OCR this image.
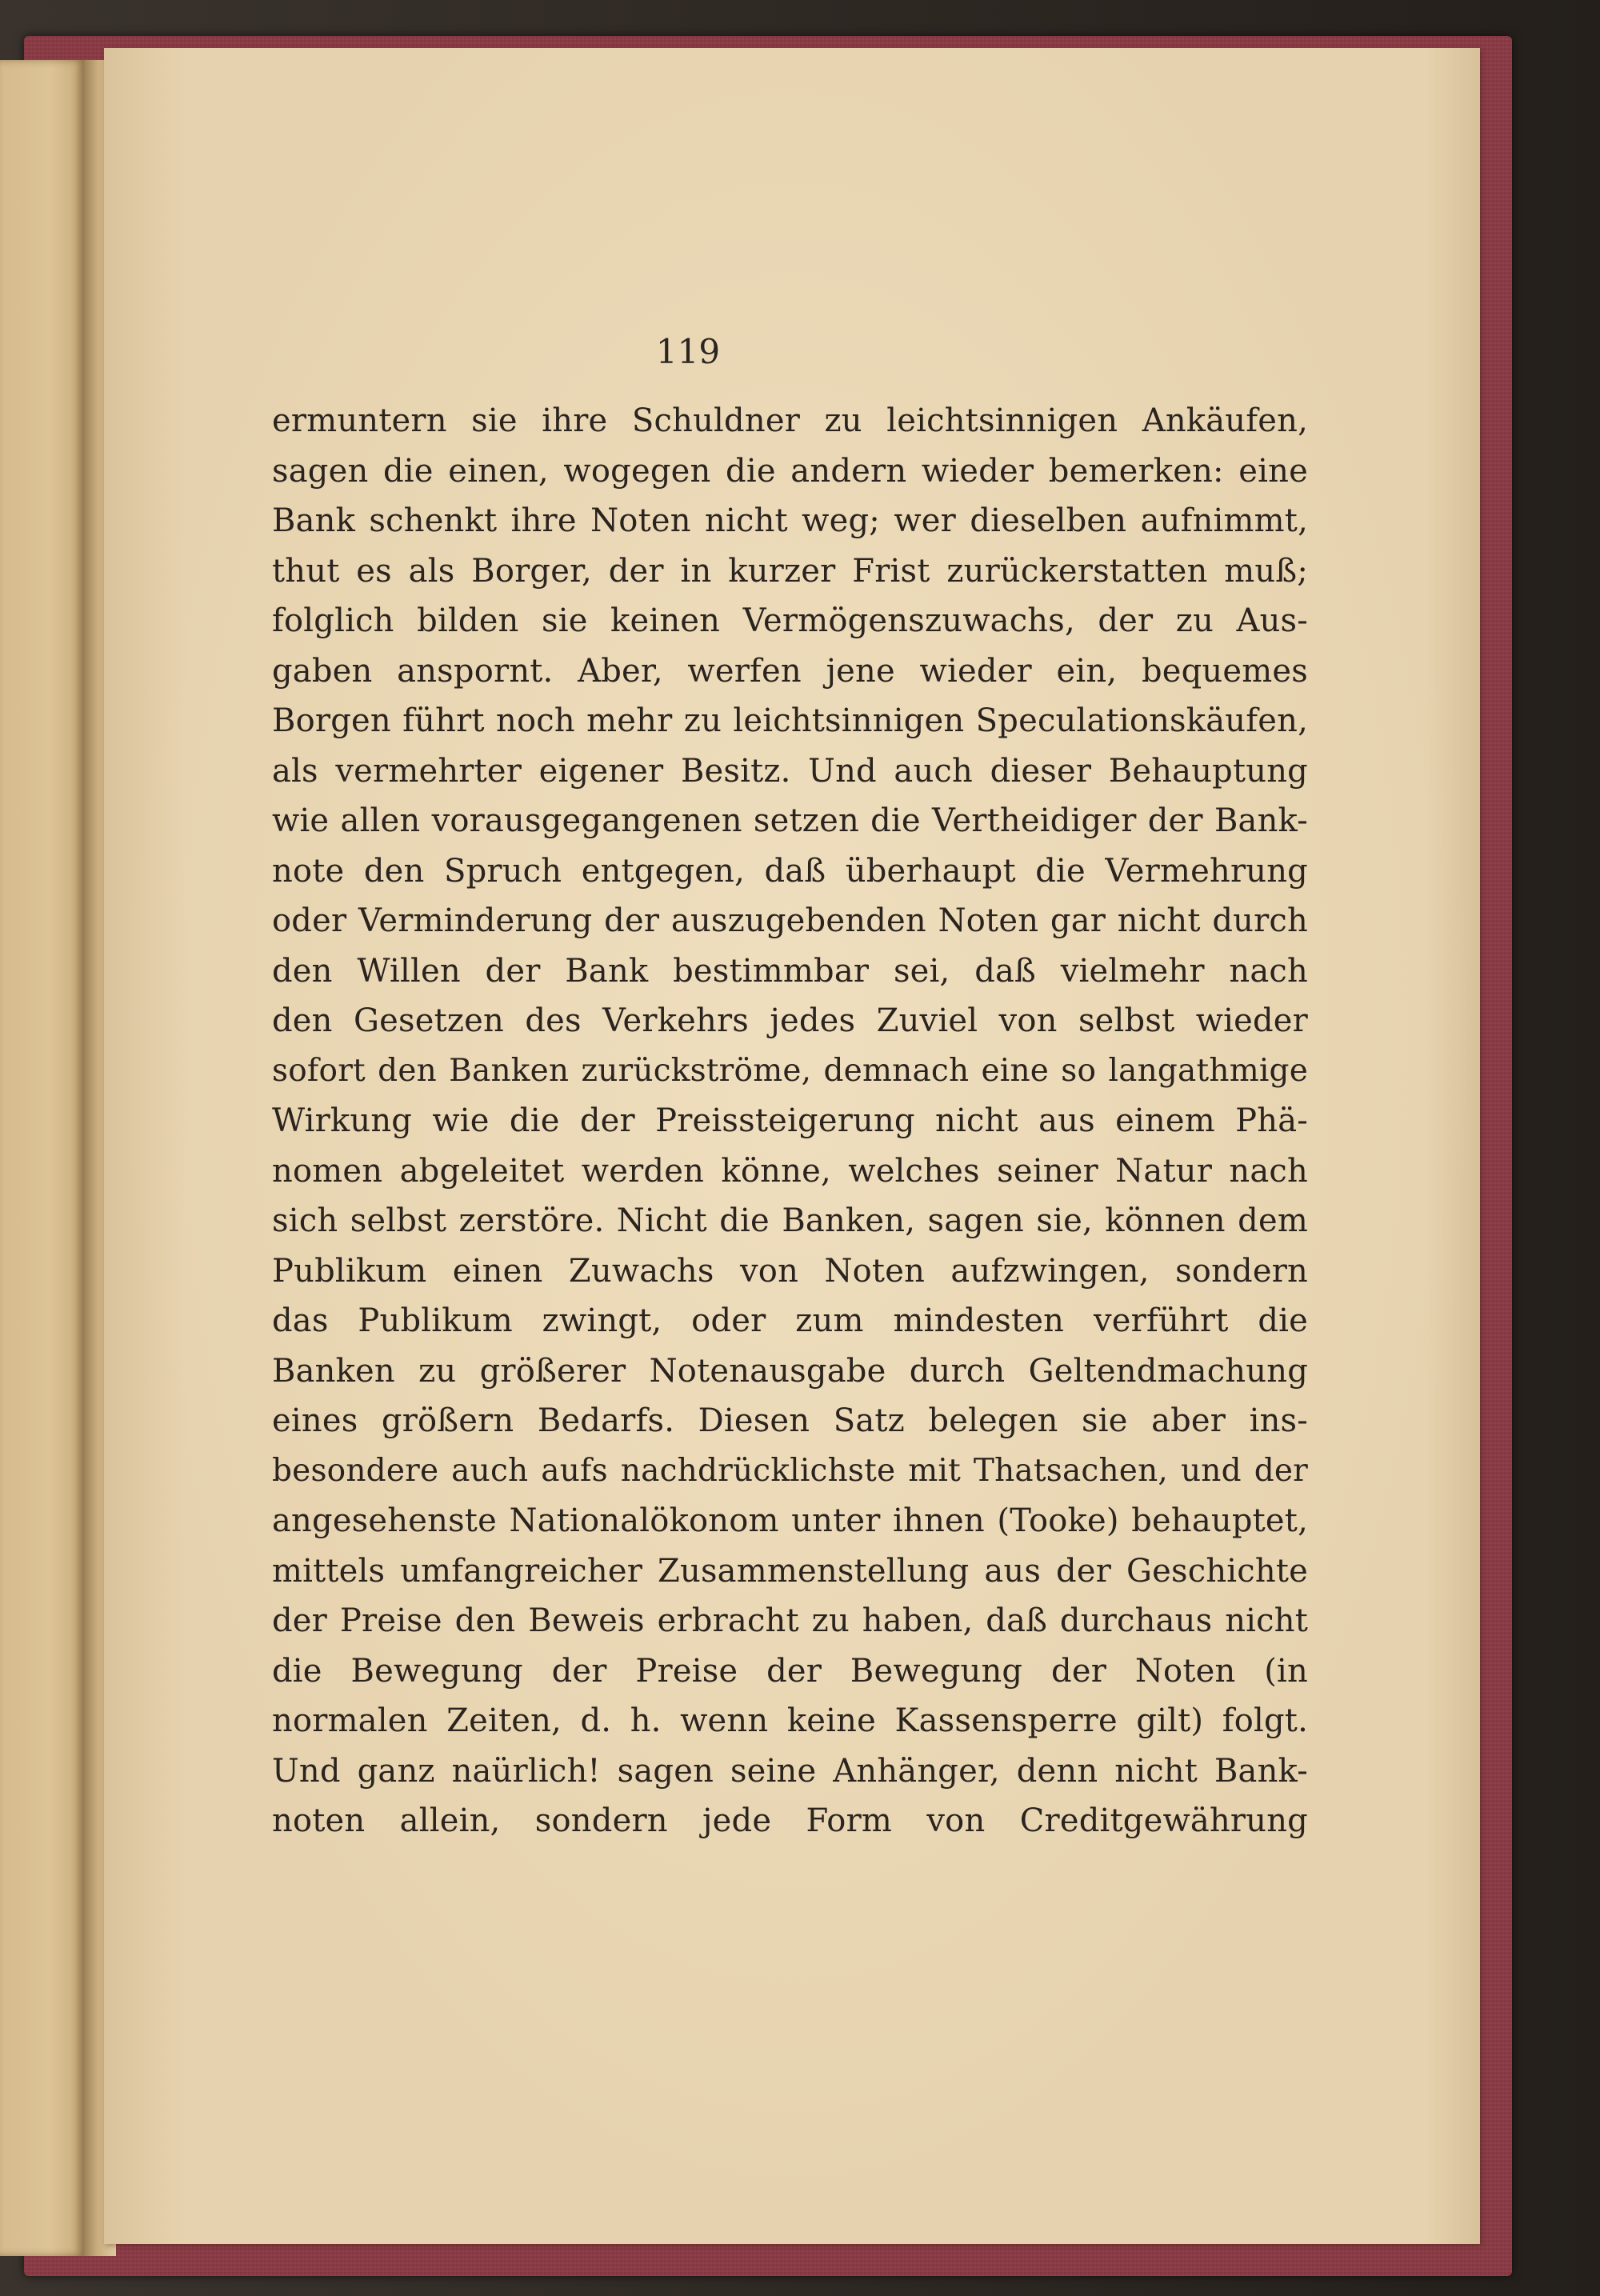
119
ermuntern sie ihre Schuldner zu leichtsinnigen Ankäufen,
sagen die einen, wogegen die andern wieder bemerken: eine
Bank schenkt ihre Noten nicht weg; wer dieselben aufnimmt,
thut es als Borger, der in kurzer Frist zurückerstatten muß;
folglich bilden sie keinen Vermögenszuwachs, der zu Aus-
gaben anspornt. Aber, werfen jene wieder ein, bequemes
Borgen führt noch mehr zu leichtsinnigen Speculationskäufen,
als vermehrter eigener Besitz. Und auch dieser Behauptung
wie allen vorausgegangenen setzen die Vertheidiger der Bank-
note den Spruch entgegen, daß überhaupt die Vermehrung
oder Verminderung der auszugebenden Noten gar nicht durch
den Willen der Bank bestimmbar sei, daß vielmehr nach
den Gesetzen des Verkehrs jedes Zuviel von selbst wieder
sofort den Banken zurückströme, demnach eine so langathmige
Wirkung wie die der Preissteigerung nicht aus einem Phä-
nomen abgeleitet werden könne, welches seiner Natur nach
sich selbst zerstöre. Nicht die Banken, sagen sie, können dem
Publikum einen Zuwachs von Noten aufzwingen, sondern
das Publikum zwingt, oder zum mindesten verführt die
Banken zu größerer Notenausgabe durch Geltendmachung
eines größern Bedarfs. Diesen Satz belegen sie aber ins-
besondere auch aufs nachdrücklichste mit Thatsachen, und der
angesehenste Nationalökonom unter ihnen (Tooke) behauptet,
mittels umfangreicher Zusammenstellung aus der Geschichte
der Preise den Beweis erbracht zu haben, daß durchaus nicht
die Bewegung der Preise der Bewegung der Noten (in
normalen Zeiten, d. h. wenn keine Kassensperre gilt) folgt.
Und ganz naürlich! sagen seine Anhänger, denn nicht Bank-
noten allein, sondern jede Form von Creditgewährung
